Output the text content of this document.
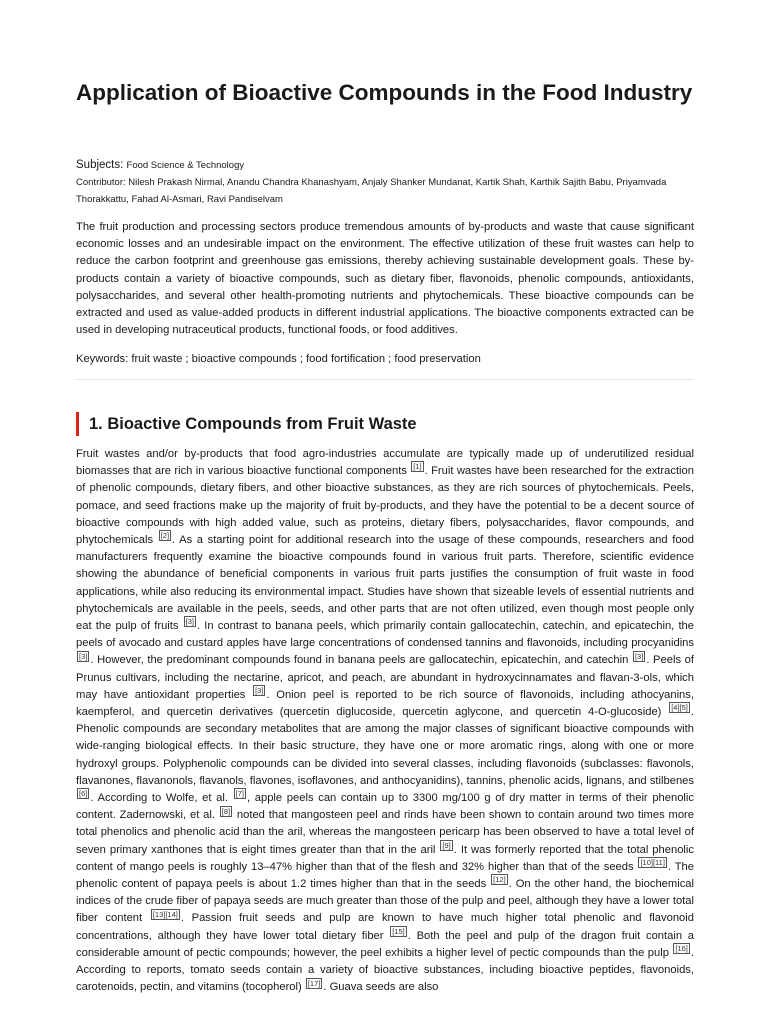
Application of Bioactive Compounds in the Food Industry
Subjects: Food Science & Technology
Contributor: Nilesh Prakash Nirmal, Anandu Chandra Khanashyam, Anjaly Shanker Mundanat, Kartik Shah, Karthik Sajith Babu, Priyamvada Thorakkattu, Fahad Al-Asmari, Ravi Pandiselvam

The fruit production and processing sectors produce tremendous amounts of by-products and waste that cause significant economic losses and an undesirable impact on the environment. The effective utilization of these fruit wastes can help to reduce the carbon footprint and greenhouse gas emissions, thereby achieving sustainable development goals. These by-products contain a variety of bioactive compounds, such as dietary fiber, flavonoids, phenolic compounds, antioxidants, polysaccharides, and several other health-promoting nutrients and phytochemicals. These bioactive compounds can be extracted and used as value-added products in different industrial applications. The bioactive components extracted can be used in developing nutraceutical products, functional foods, or food additives.

Keywords: fruit waste ; bioactive compounds ; food fortification ; food preservation
1. Bioactive Compounds from Fruit Waste

Fruit wastes and/or by-products that food agro-industries accumulate are typically made up of underutilized residual biomasses that are rich in various bioactive functional components [1] . Fruit wastes have been researched for the extraction of phenolic compounds, dietary fibers, and other bioactive substances, as they are rich sources of phytochemicals. Peels, pomace, and seed fractions make up the majority of fruit by-products, and they have the potential to be a decent source of bioactive compounds with high added value, such as proteins, dietary fibers, polysaccharides, flavor compounds, and phytochemicals [2] . As a starting point for additional research into the usage of these compounds, researchers and food manufacturers frequently examine the bioactive compounds found in various fruit parts. Therefore, scientific evidence showing the abundance of beneficial components in various fruit parts justifies the consumption of fruit waste in food applications, while also reducing its environmental impact. Studies have shown that sizeable levels of essential nutrients and phytochemicals are available in the peels, seeds, and other parts that are not often utilized, even though most people only eat the pulp of fruits [3] . In contrast to banana peels, which primarily contain gallocatechin, catechin, and epicatechin, the peels of avocado and custard apples have large concentrations of condensed tannins and flavonoids, including procyanidins [3] . However, the predominant compounds found in banana peels are gallocatechin, epicatechin, and catechin [3] . Peels of Prunus cultivars, including the nectarine, apricot, and peach, are abundant in hydroxycinnamates and flavan-3-ols, which may have antioxidant properties [3] . Onion peel is reported to be rich source of flavonoids, including athocyanins, kaempferol, and quercetin derivatives (quercetin diglucoside, quercetin aglycone, and quercetin 4-O-glucoside) [4][5] . Phenolic compounds are secondary metabolites that are among the major classes of significant bioactive compounds with wide-ranging biological effects. In their basic structure, they have one or more aromatic rings, along with one or more hydroxyl groups. Polyphenolic compounds can be divided into several classes, including flavonoids (subclasses: flavonols, flavanones, flavanonols, flavanols, flavones, isoflavones, and anthocyanidins), tannins, phenolic acids, lignans, and stilbenes [6] . According to Wolfe, et al. [7] , apple peels can contain up to 3300 mg/100 g of dry matter in terms of their phenolic content. Zadernowski, et al. [8] noted that mangosteen peel and rinds have been shown to contain around two times more total phenolics and phenolic acid than the aril, whereas the mangosteen pericarp has been observed to have a total level of seven primary xanthones that is eight times greater than that in the aril [9] . It was formerly reported that the total phenolic content of mango peels is roughly 13–47% higher than that of the flesh and 32% higher than that of the seeds [10][11] . The phenolic content of papaya peels is about 1.2 times higher than that in the seeds [12] . On the other hand, the biochemical indices of the crude fiber of papaya seeds are much greater than those of the pulp and peel, although they have a lower total fiber content [13][14] . Passion fruit seeds and pulp are known to have much higher total phenolic and flavonoid concentrations, although they have lower total dietary fiber [15] . Both the peel and pulp of the dragon fruit contain a considerable amount of pectic compounds; however, the peel exhibits a higher level of pectic compounds than the pulp [16] . According to reports, tomato seeds contain a variety of bioactive substances, including bioactive peptides, flavonoids, carotenoids, pectin, and vitamins (tocopherol) [17] . Guava seeds are also
